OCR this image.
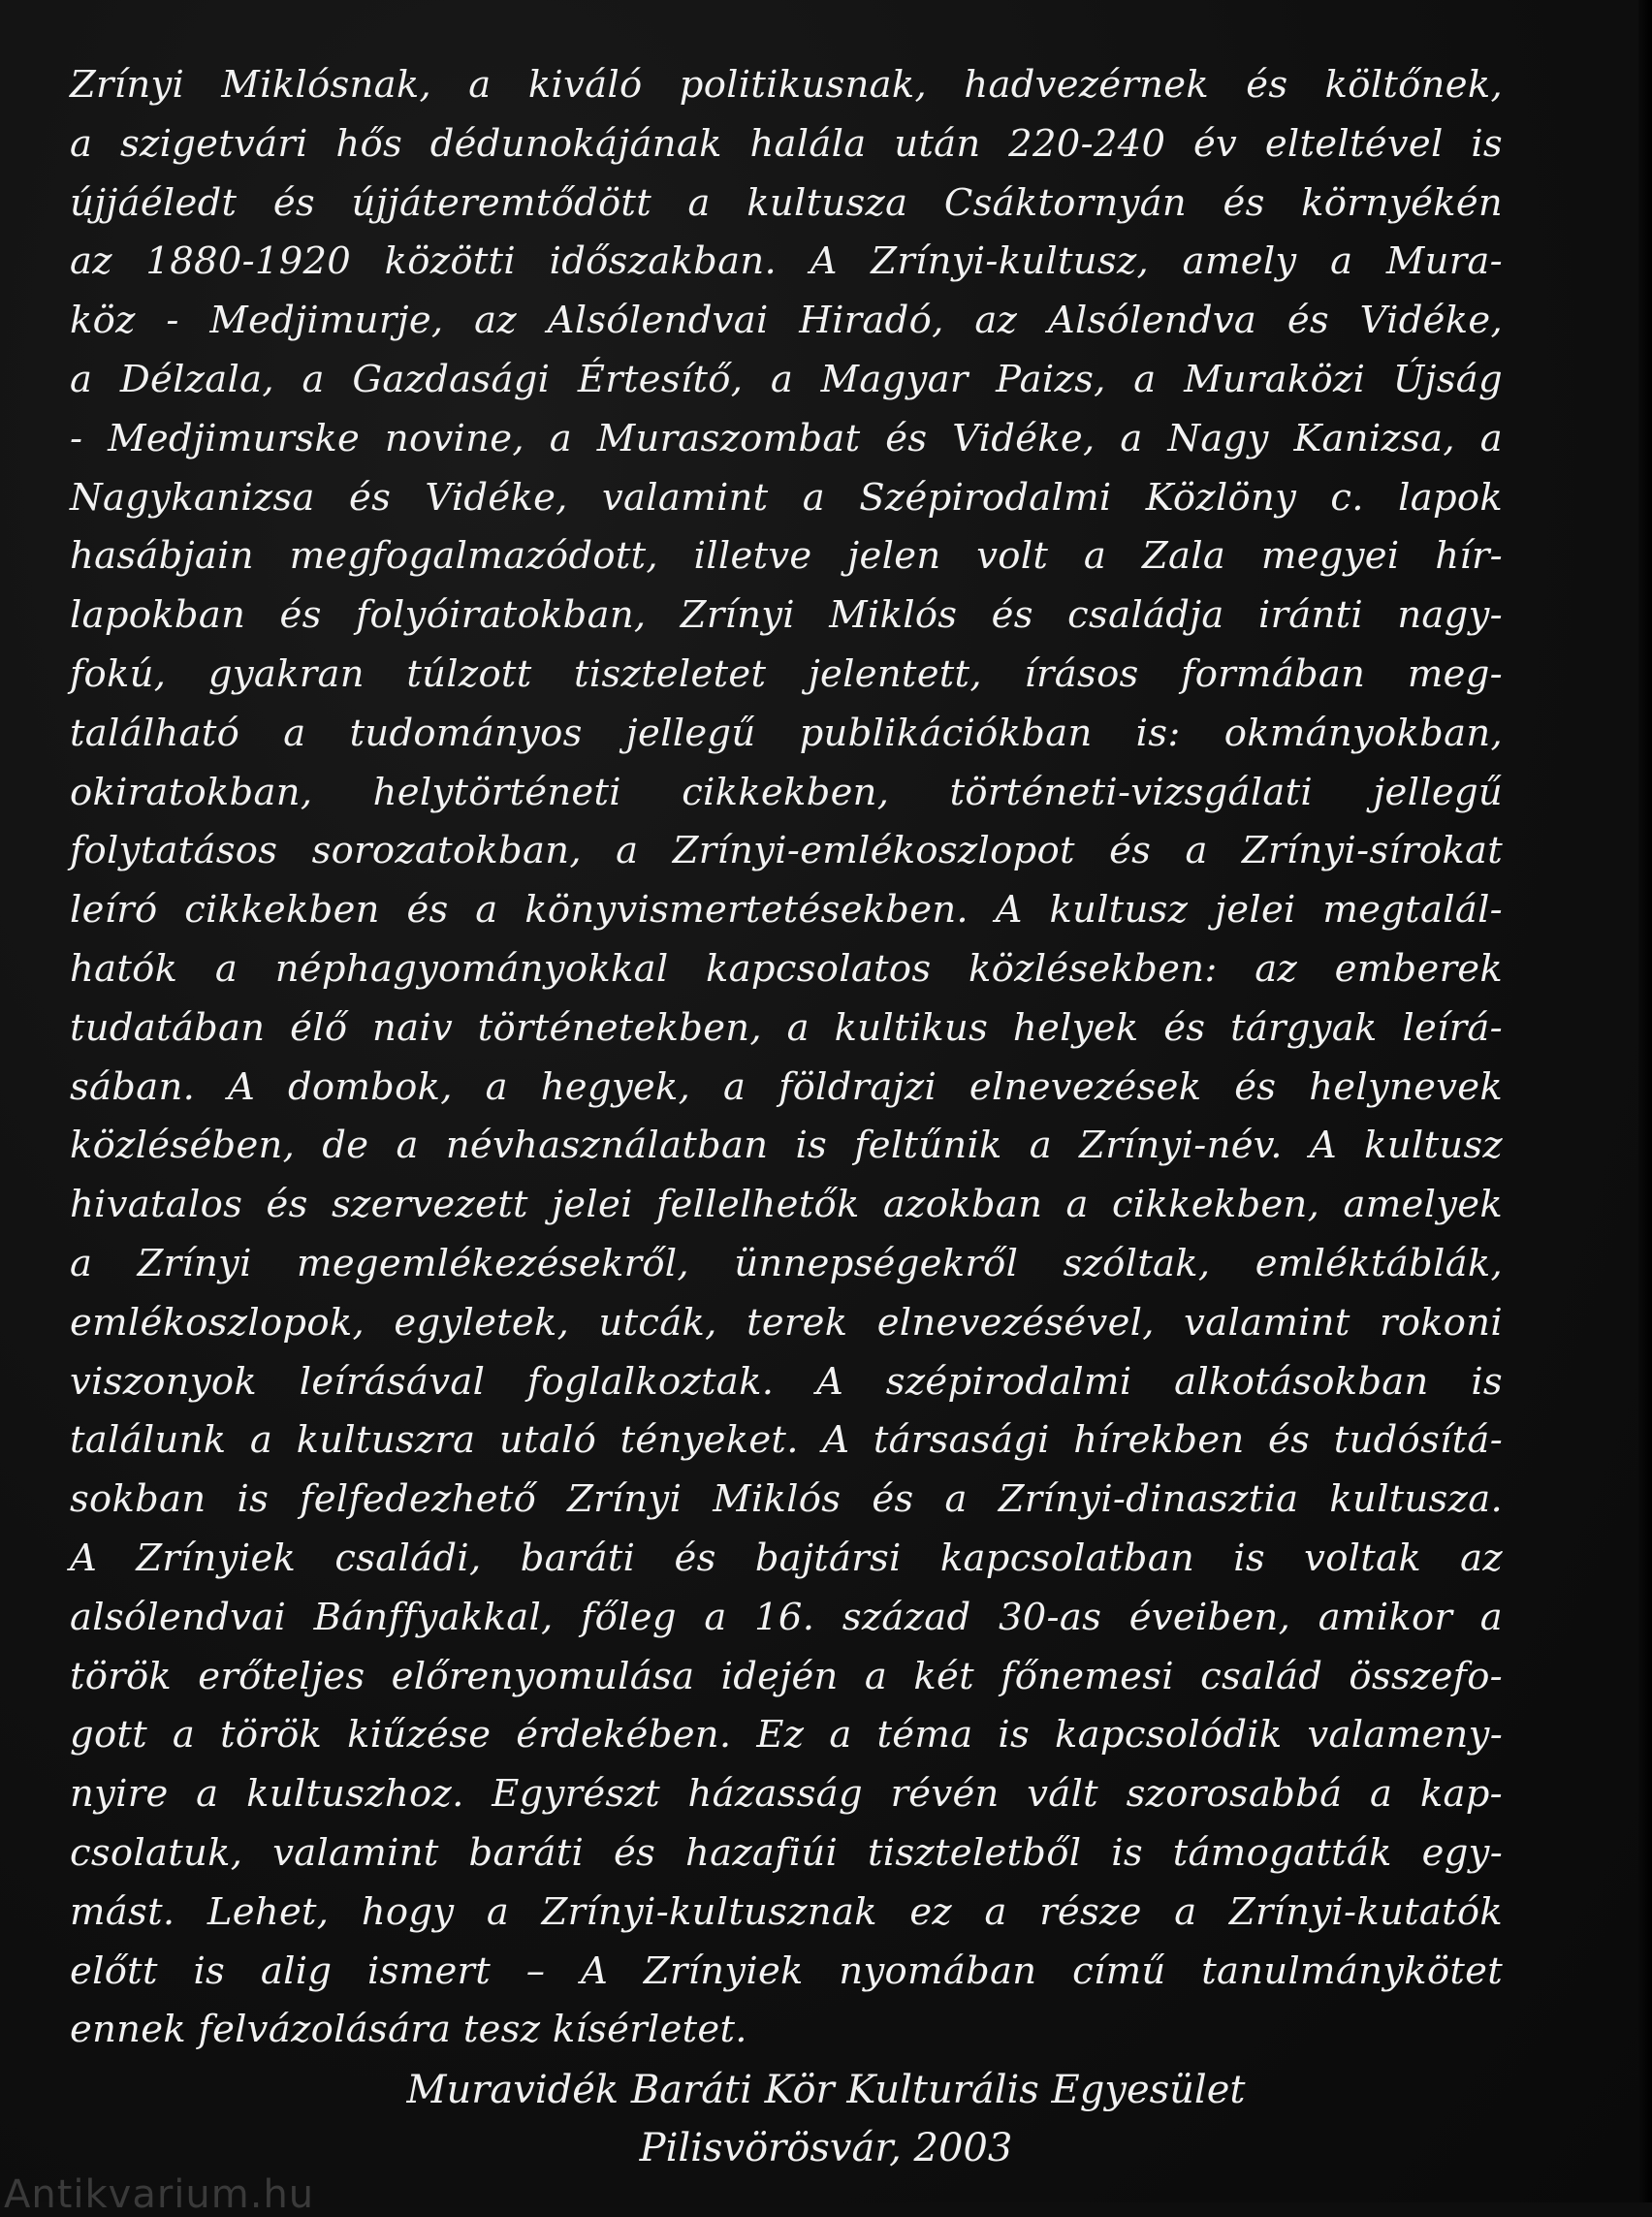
Zrínyi Miklósnak, a kiváló politikusnak, hadvezérnek és költőnek,
a szigetvári hős dédunokájának halála után 220-240 év elteltével is
újjáéledt és újjáteremtődött a kultusza Csáktornyán és környékén
az 1880-1920 közötti időszakban. A Zrínyi-kultusz, amely a Mura-
köz - Medjimurje, az Alsólendvai Hiradó, az Alsólendva és Vidéke,
a Délzala, a Gazdasági Értesítő, a Magyar Paizs, a Muraközi Újság
- Medjimurske novine, a Muraszombat és Vidéke, a Nagy Kanizsa, a
Nagykanizsa és Vidéke, valamint a Szépirodalmi Közlöny c. lapok
hasábjain megfogalmazódott, illetve jelen volt a Zala megyei hír-
lapokban és folyóiratokban, Zrínyi Miklós és családja iránti nagy-
fokú, gyakran túlzott tiszteletet jelentett, írásos formában meg-
található a tudományos jellegű publikációkban is: okmányokban,
okiratokban, helytörténeti cikkekben, történeti-vizsgálati jellegű
folytatásos sorozatokban, a Zrínyi-emlékoszlopot és a Zrínyi-sírokat
leíró cikkekben és a könyvismertetésekben. A kultusz jelei megtalál-
hatók a néphagyományokkal kapcsolatos közlésekben: az emberek
tudatában élő naiv történetekben, a kultikus helyek és tárgyak leírá-
sában. A dombok, a hegyek, a földrajzi elnevezések és helynevek
közlésében, de a névhasználatban is feltűnik a Zrínyi-név. A kultusz
hivatalos és szervezett jelei fellelhetők azokban a cikkekben, amelyek
a Zrínyi megemlékezésekről, ünnepségekről szóltak, emléktáblák,
emlékoszlopok, egyletek, utcák, terek elnevezésével, valamint rokoni
viszonyok leírásával foglalkoztak. A szépirodalmi alkotásokban is
találunk a kultuszra utaló tényeket. A társasági hírekben és tudósítá-
sokban is felfedezhető Zrínyi Miklós és a Zrínyi-dinasztia kultusza.
A Zrínyiek családi, baráti és bajtársi kapcsolatban is voltak az
alsólendvai Bánffyakkal, főleg a 16. század 30-as éveiben, amikor a
török erőteljes előrenyomulása idején a két főnemesi család összefo-
gott a török kiűzése érdekében. Ez a téma is kapcsolódik valameny-
nyire a kultuszhoz. Egyrészt házasság révén vált szorosabbá a kap-
csolatuk, valamint baráti és hazafiúi tiszteletből is támogatták egy-
mást. Lehet, hogy a Zrínyi-kultusznak ez a része a Zrínyi-kutatók
előtt is alig ismert – A Zrínyiek nyomában című tanulmánykötet
ennek felvázolására tesz kísérletet.
Muravidék Baráti Kör Kulturális Egyesület
Pilisvörösvár, 2003
Antikvarium.hu
